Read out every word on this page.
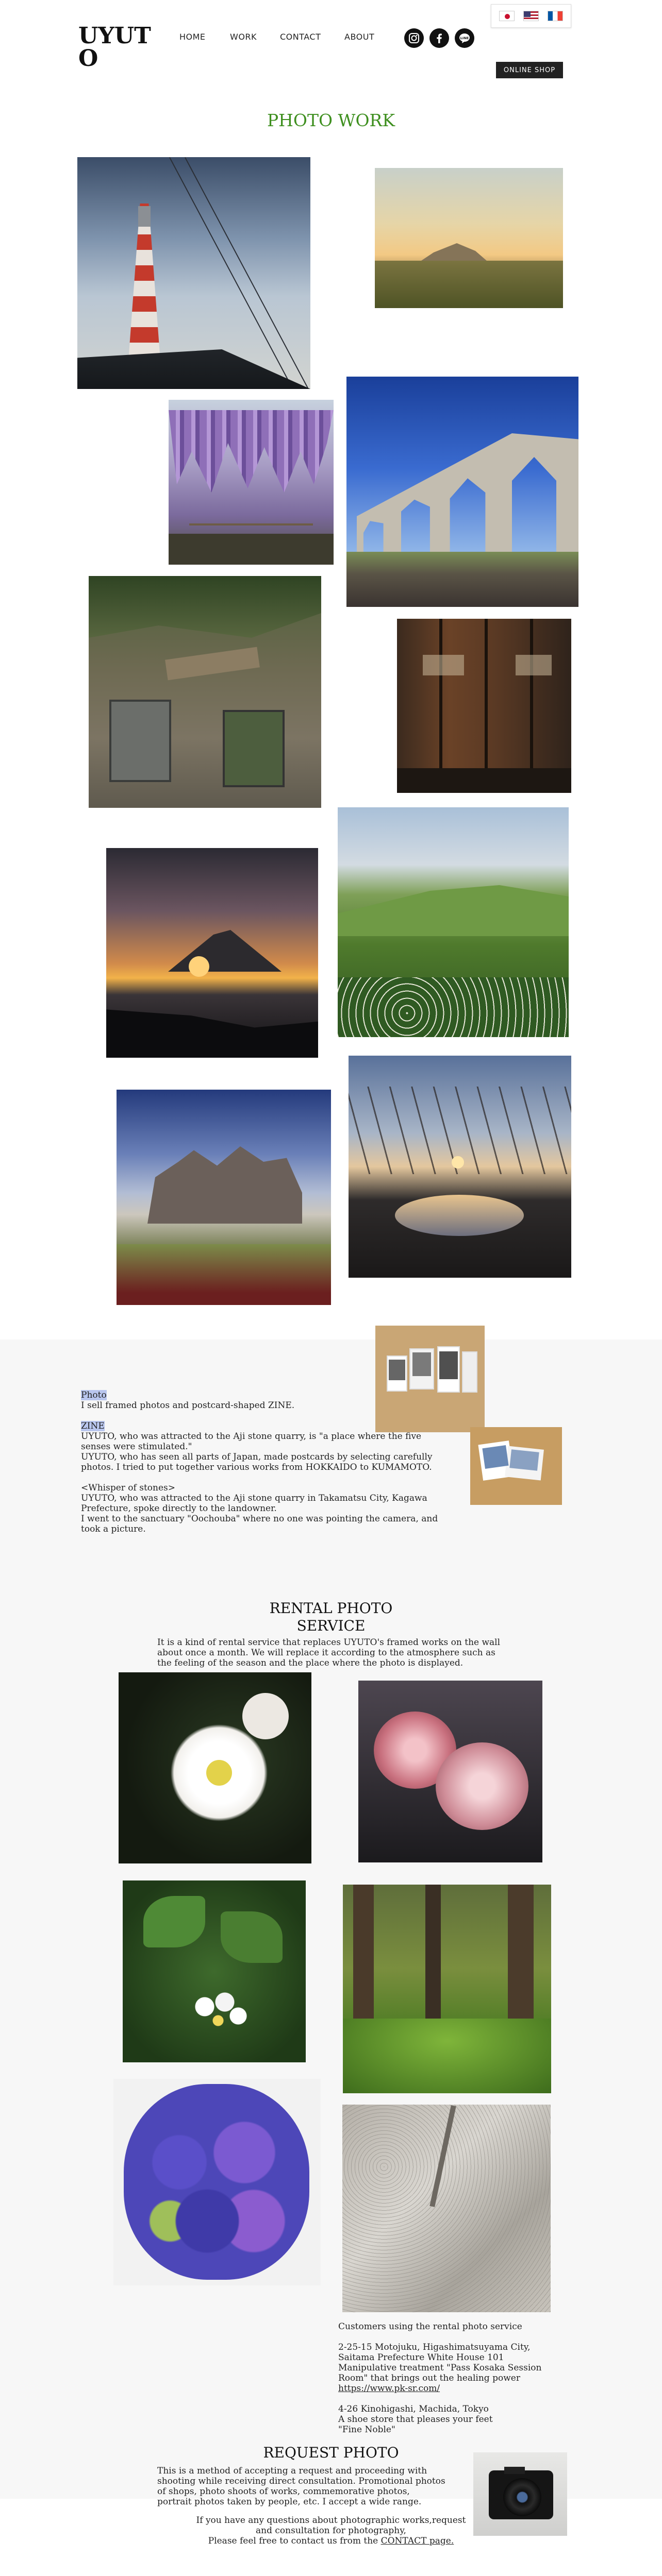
UYUTO
HOME	WORK	CONTACT	ABOUT	LINE
ONLINE SHOP
PHOTO WORK
Photo
I sell framed photos and postcard-shaped ZINE.
ZINE
UYUTO, who was attracted to the Aji stone quarry, is "a place where the five senses were stimulated."
UYUTO, who has seen all parts of Japan, made postcards by selecting carefully photos. I tried to put together various works from HOKKAIDO to KUMAMOTO.
<Whisper of stones>
UYUTO, who was attracted to the Aji stone quarry in Takamatsu City, Kagawa Prefecture, spoke directly to the landowner.
I went to the sanctuary "Oochouba" where no one was pointing the camera, and took a picture.
RENTAL PHOTO
SERVICE
It is a kind of rental service that replaces UYUTO's framed works on the wall about once a month. We will replace it according to the atmosphere such as the feeling of the season and the place where the photo is displayed.
Customers using the rental photo service
2-25-15 Motojuku, Higashimatsuyama City, Saitama Prefecture White House 101
Manipulative treatment "Pass Kosaka Session Room" that brings out the healing power
https://www.pk-sr.com/
4-26 Kinohigashi, Machida, Tokyo
A shoe store that pleases your feet
"Fine Noble"
REQUEST PHOTO
This is a method of accepting a request and proceeding with shooting while receiving direct consultation. Promotional photos of shops, photo shoots of works, commemorative photos, portrait photos taken by people, etc. I accept a wide range.
If you have any questions about photographic works,request
and consultation for photography,
Please feel free to contact us from the CONTACT page.
